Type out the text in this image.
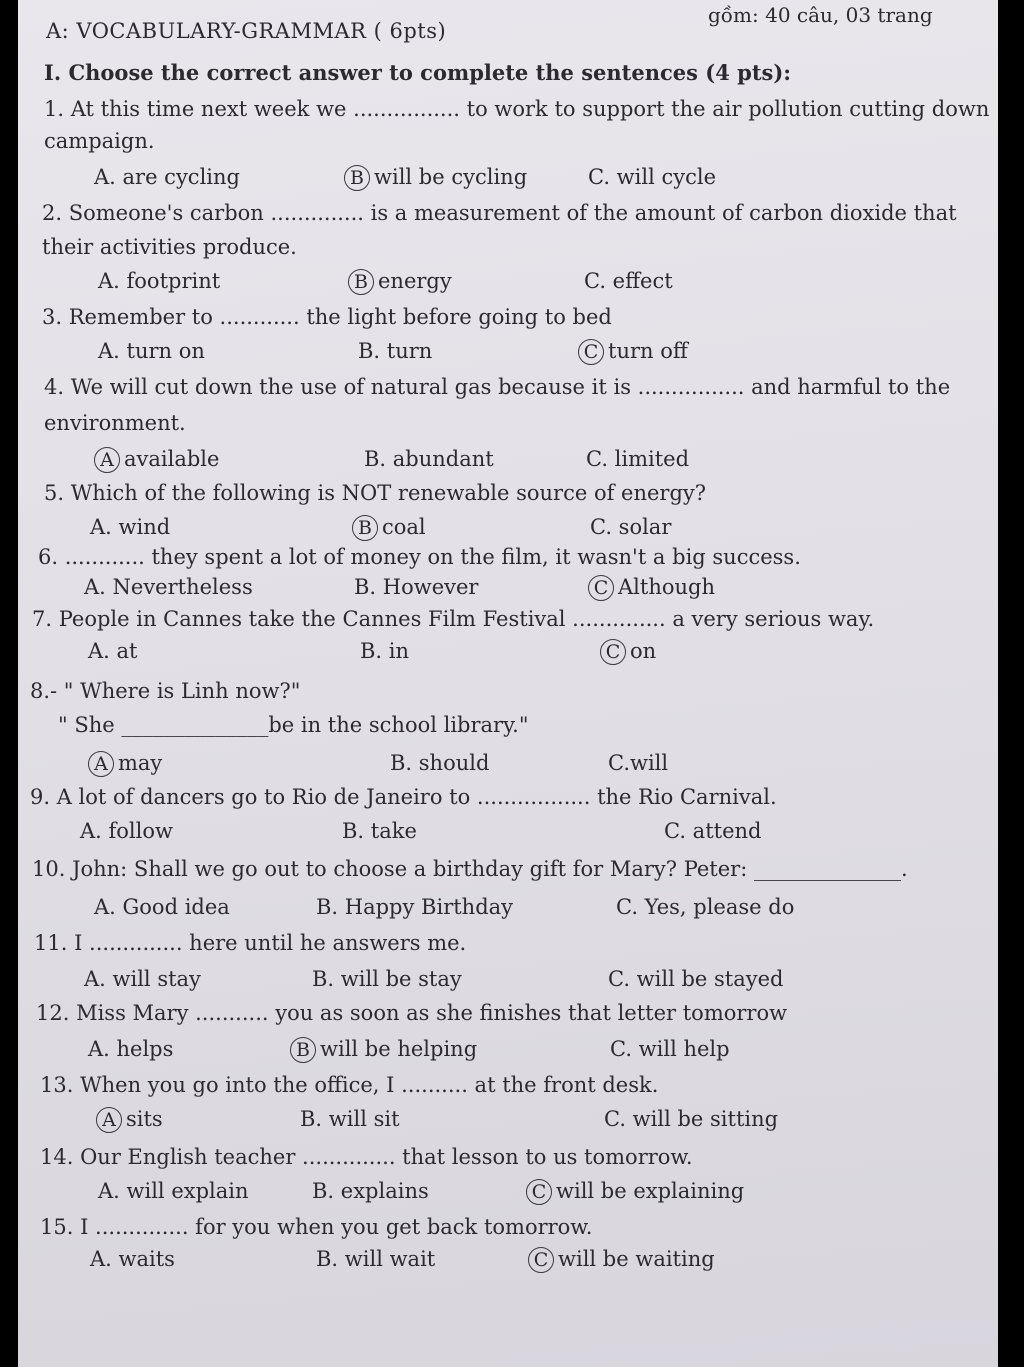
gồm: 40 câu, 03 trang
A: VOCABULARY-GRAMMAR ( 6pts)
I. Choose the correct answer to complete the sentences (4 pts):
1. At this time next week we ................ to work to support the air pollution cutting down
campaign.
A. are cycling	B will be cycling	C. will cycle
2. Someone's carbon .............. is a measurement of the amount of carbon dioxide that
their activities produce.
A. footprint	B energy	C. effect
3. Remember to ............ the light before going to bed
A. turn on	B. turn	C turn off
4. We will cut down the use of natural gas because it is ................ and harmful to the
environment.
A available	B. abundant	C. limited
5. Which of the following is NOT renewable source of energy?
A. wind	B coal	C. solar
6. ............ they spent a lot of money on the film, it wasn't a big success.
A. Nevertheless	B. However	C Although
7. People in Cannes take the Cannes Film Festival .............. a very serious way.
A. at	B. in	C on
8.- " Where is Linh now?"
" She ______________be in the school library."
A may	B. should	C.will
9. A lot of dancers go to Rio de Janeiro to ................. the Rio Carnival.
A. follow	B. take	C. attend
10. John: Shall we go out to choose a birthday gift for Mary? Peter: ______________.
A. Good idea	B. Happy Birthday	C. Yes, please do
11. I .............. here until he answers me.
A. will stay	B. will be stay	C. will be stayed
12. Miss Mary ........... you as soon as she finishes that letter tomorrow
A. helps	B will be helping	C. will help
13. When you go into the office, I .......... at the front desk.
A sits	B. will sit	C. will be sitting
14. Our English teacher .............. that lesson to us tomorrow.
A. will explain	B. explains	C will be explaining
15. I .............. for you when you get back tomorrow.
A. waits	B. will wait	C will be waiting
